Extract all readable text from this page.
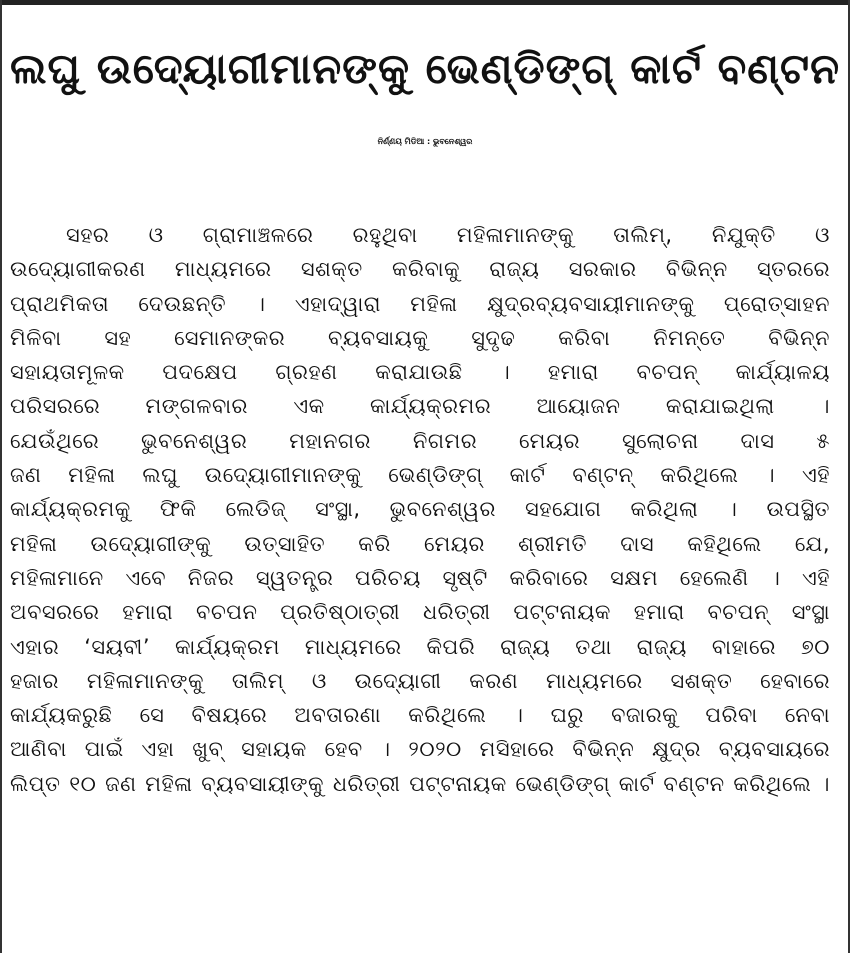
ଲଘୁ ଉଦ୍ୟୋଗୀମାନଙ୍କୁ ଭେଣ୍ଡିଙ୍ଗ୍ କାର୍ଟ ବଣ୍ଟନ

ନିର୍ଣ୍ଣୟ ମିଡିଆ : ଭୁବନେଶ୍ୱର

ସହର ଓ ଗ୍ରାମାଞ୍ଚଳରେ ରହୁଥିବା ମହିଳାମାନଙ୍କୁ ତାଲିମ୍, ନିଯୁକ୍ତି ଓ
ଉଦ୍ୟୋଗୀକରଣ ମାଧ୍ୟମରେ ସଶକ୍ତ କରିବାକୁ ରାଜ୍ୟ ସରକାର ବିଭିନ୍ନ ସ୍ତରରେ
ପ୍ରାଥମିକତା ଦେଉଛନ୍ତି । ଏହାଦ୍ୱାରା ମହିଳା କ୍ଷୁଦ୍ରବ୍ୟବସାୟୀମାନଙ୍କୁ ପ୍ରୋତ୍ସାହନ
ମିଳିବା ସହ ସେମାନଙ୍କର ବ୍ୟବସାୟକୁ ସୁଦୃଢ କରିବା ନିମନ୍ତେ ବିଭିନ୍ନ
ସହାୟତାମୂଳକ ପଦକ୍ଷେପ ଗ୍ରହଣ କରାଯାଉଛି । ହମାରା ବଚପନ୍ କାର୍ଯ୍ୟାଳୟ
ପରିସରରେ ମଙ୍ଗଳବାର ଏକ କାର୍ଯ୍ୟକ୍ରମର ଆୟୋଜନ କରାଯାଇଥିଲା ।
ଯେଉଁଥିରେ ଭୁବନେଶ୍ୱର ମହାନଗର ନିଗମର ମେୟର ସୁଲୋଚନା ଦାସ ୫
ଜଣ ମହିଳା ଲଘୁ ଉଦ୍ୟୋଗୀମାନଙ୍କୁ ଭେଣ୍ଡିଙ୍ଗ୍ କାର୍ଟ ବଣ୍ଟନ୍ କରିଥିଲେ । ଏହି
କାର୍ଯ୍ୟକ୍ରମକୁ ଫିକି ଲେଡିଜ୍ ସଂସ୍ଥା, ଭୁବନେଶ୍ୱର ସହଯୋଗ କରିଥିଲା । ଉପସ୍ଥିତ
ମହିଳା ଉଦ୍ୟୋଗୀଙ୍କୁ ଉତ୍ସାହିତ କରି ମେୟର ଶ୍ରୀମତି ଦାସ କହିଥିଲେ ଯେ,
ମହିଳାମାନେ ଏବେ ନିଜର ସ୍ୱତନ୍ତ୍ର ପରିଚୟ ସୃଷ୍ଟି କରିବାରେ ସକ୍ଷମ ହେଲେଣି । ଏହି
ଅବସରରେ ହମାରା ବଚପନ ପ୍ରତିଷ୍ଠାତ୍ରୀ ଧରିତ୍ରୀ ପଟ୍ଟନାୟକ ହମାରା ବଚପନ୍ ସଂସ୍ଥା
ଏହାର ‘ସୟବୀ’ କାର୍ଯ୍ୟକ୍ରମ ମାଧ୍ୟମରେ କିପରି ରାଜ୍ୟ ତଥା ରାଜ୍ୟ ବାହାରେ ୭୦
ହଜାର ମହିଳାମାନଙ୍କୁ ତାଲିମ୍ ଓ ଉଦ୍ୟୋଗୀ କରଣ ମାଧ୍ୟମରେ ସଶକ୍ତ ହେବାରେ
କାର୍ଯ୍ୟକରୁଛି ସେ ବିଷୟରେ ଅବତାରଣା କରିଥିଲେ । ଘରୁ ବଜାରକୁ ପରିବା ନେବା
ଆଣିବା ପାଇଁ ଏହା ଖୁବ୍ ସହାୟକ ହେବ । ୨୦୨୦ ମସିହାରେ ବିଭିନ୍ନ କ୍ଷୁଦ୍ର ବ୍ୟବସାୟରେ
ଲିପ୍ତ ୧୦ ଜଣ ମହିଳା ବ୍ୟବସାୟୀଙ୍କୁ ଧରିତ୍ରୀ ପଟ୍ଟନାୟକ ଭେଣ୍ଡିଙ୍ଗ୍ କାର୍ଟ ବଣ୍ଟନ କରିଥିଲେ ।
